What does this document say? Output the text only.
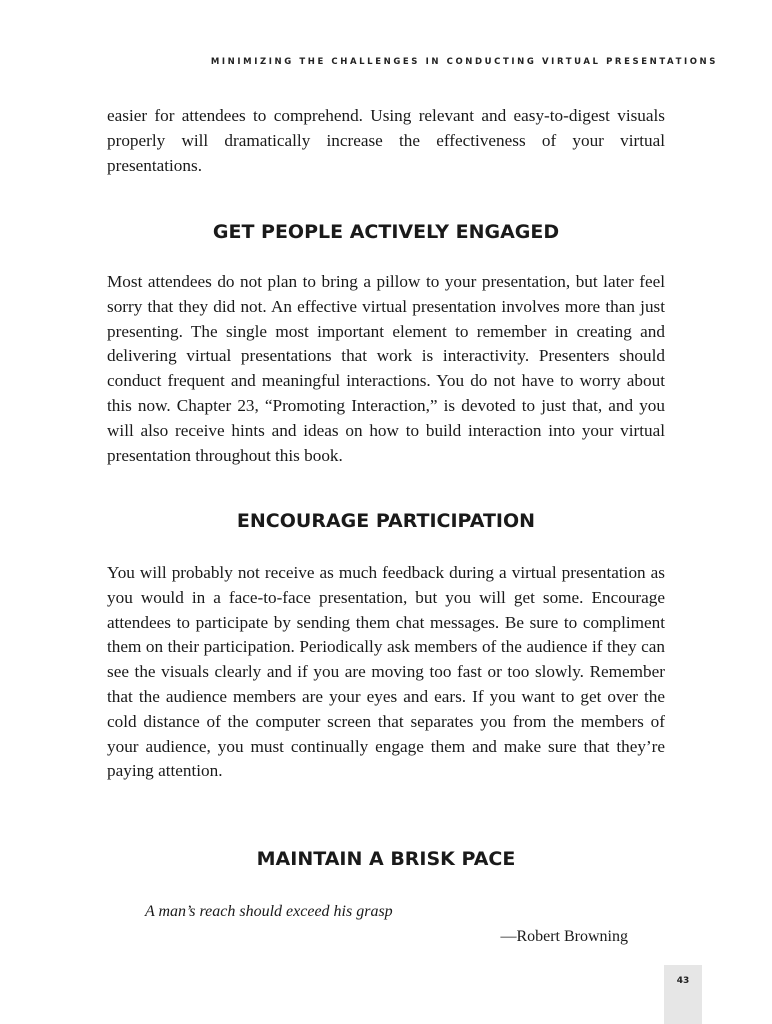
MINIMIZING THE CHALLENGES IN CONDUCTING VIRTUAL PRESENTATIONS

easier for attendees to comprehend. Using relevant and easy-to-digest visuals properly will dramatically increase the effectiveness of your virtual presentations.

GET PEOPLE ACTIVELY ENGAGED

Most attendees do not plan to bring a pillow to your presentation, but later feel sorry that they did not. An effective virtual presentation involves more than just presenting. The single most important element to remember in creating and delivering virtual presentations that work is interactivity. Presenters should conduct frequent and meaningful interactions. You do not have to worry about this now. Chapter 23, “Promoting Interaction,” is devoted to just that, and you will also receive hints and ideas on how to build interaction into your virtual presentation throughout this book.

ENCOURAGE PARTICIPATION

You will probably not receive as much feedback during a virtual presentation as you would in a face-to-face presentation, but you will get some. Encourage attendees to participate by sending them chat messages. Be sure to compliment them on their participation. Periodically ask members of the audience if they can see the visuals clearly and if you are moving too fast or too slowly. Remember that the audience members are your eyes and ears. If you want to get over the cold distance of the computer screen that separates you from the members of your audience, you must continually engage them and make sure that they’re paying attention.

MAINTAIN A BRISK PACE

A man’s reach should exceed his grasp

—Robert Browning

43
